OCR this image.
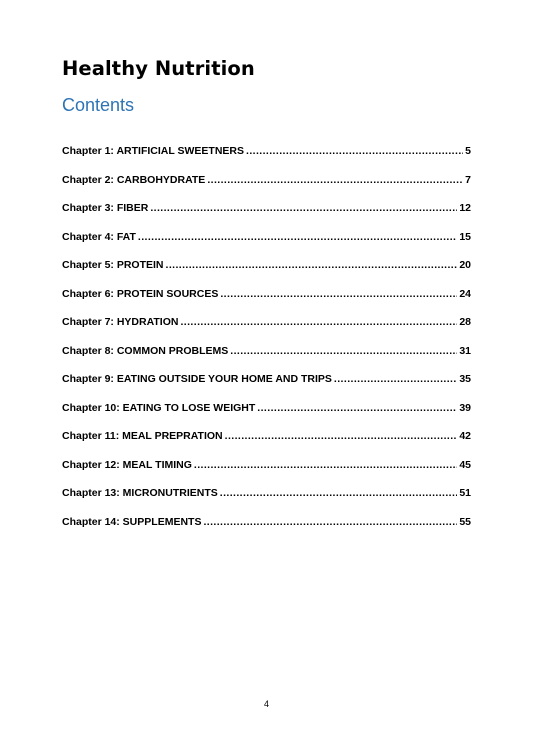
Healthy Nutrition
Contents
Chapter 1: ARTIFICIAL SWEETNERS .....	5
Chapter 2: CARBOHYDRATE .....	7
Chapter 3: FIBER .....	12
Chapter 4: FAT .....	15
Chapter 5: PROTEIN .....	20
Chapter 6: PROTEIN SOURCES .....	24
Chapter 7: HYDRATION .....	28
Chapter 8: COMMON PROBLEMS .....	31
Chapter 9: EATING OUTSIDE YOUR HOME AND TRIPS .....	35
Chapter 10: EATING TO LOSE WEIGHT .....	39
Chapter 11: MEAL PREPRATION .....	42
Chapter 12: MEAL TIMING .....	45
Chapter 13: MICRONUTRIENTS .....	51
Chapter 14: SUPPLEMENTS .....	55
4
